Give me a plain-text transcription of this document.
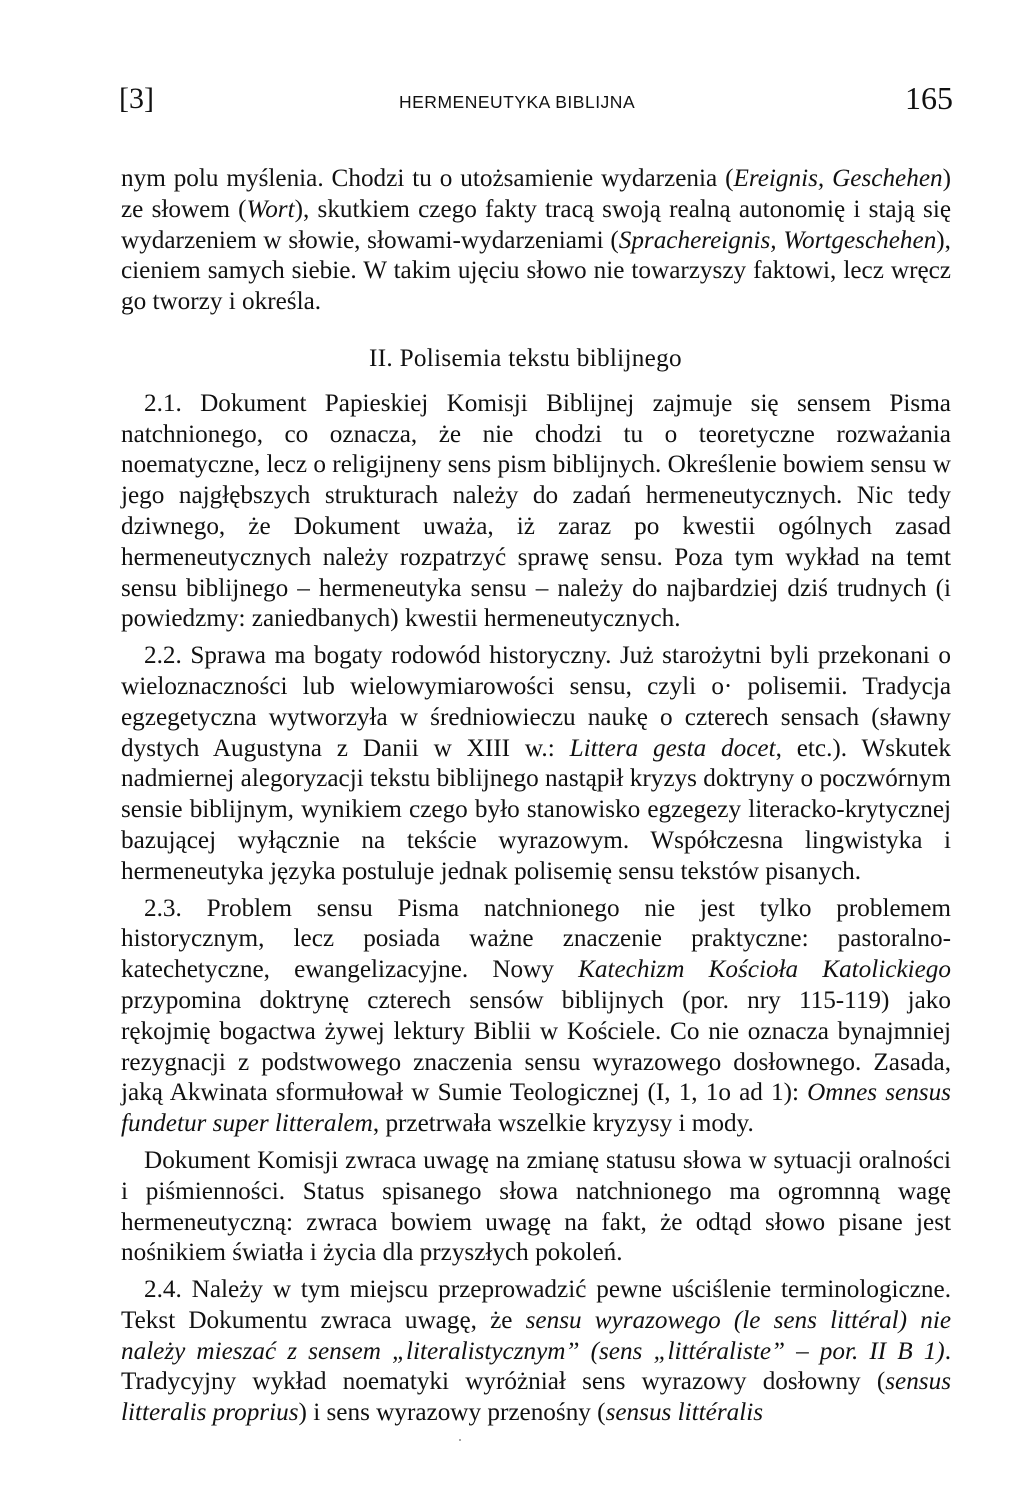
[3]	HERMENEUTYKA BIBLIJNA	165

nym polu myślenia. Chodzi tu o utożsamienie wydarzenia (Ereignis, Geschehen) ze słowem (Wort), skutkiem czego fakty tracą swoją realną autonomię i stają się wydarzeniem w słowie, słowami-wydarzeniami (Sprachereignis, Wortgeschehen), cieniem samych siebie. W takim ujęciu słowo nie towarzyszy faktowi, lecz wręcz go tworzy i określa.

II. Polisemia tekstu biblijnego

2.1. Dokument Papieskiej Komisji Biblijnej zajmuje się sensem Pisma natchnionego, co oznacza, że nie chodzi tu o teoretyczne rozważania noematyczne, lecz o religijneny sens pism biblijnych. Określenie bowiem sensu w jego najgłębszych strukturach należy do zadań hermeneutycznych. Nic tedy dziwnego, że Dokument uważa, iż zaraz po kwestii ogólnych zasad hermeneutycznych należy rozpatrzyć sprawę sensu. Poza tym wykład na temt sensu biblijnego – hermeneutyka sensu – należy do najbardziej dziś trudnych (i powiedzmy: zaniedbanych) kwestii hermeneutycznych.

2.2. Sprawa ma bogaty rodowód historyczny. Już starożytni byli przekonani o wieloznaczności lub wielowymiarowości sensu, czyli o· polisemii. Tradycja egzegetyczna wytworzyła w średniowieczu naukę o czterech sensach (sławny dystych Augustyna z Danii w XIII w.: Littera gesta docet, etc.). Wskutek nadmiernej alegoryzacji tekstu biblijnego nastąpił kryzys doktryny o poczwórnym sensie biblijnym, wynikiem czego było stanowisko egzegezy literacko-krytycznej bazującej wyłącznie na tekście wyrazowym. Współczesna lingwistyka i hermeneutyka języka postuluje jednak polisemię sensu tekstów pisanych.

2.3. Problem sensu Pisma natchnionego nie jest tylko problemem historycznym, lecz posiada ważne znaczenie praktyczne: pastoralno-katechetyczne, ewangelizacyjne. Nowy Katechizm Kościoła Katolickiego przypomina doktrynę czterech sensów biblijnych (por. nry 115-119) jako rękojmię bogactwa żywej lektury Biblii w Kościele. Co nie oznacza bynajmniej rezygnacji z podstwowego znaczenia sensu wyrazowego dosłownego. Zasada, jaką Akwinata sformułował w Sumie Teologicznej (I, 1, 1o ad 1): Omnes sensus fundetur super litteralem, przetrwała wszelkie kryzysy i mody.

Dokument Komisji zwraca uwagę na zmianę statusu słowa w sytuacji oralności i piśmienności. Status spisanego słowa natchnionego ma ogromnną wagę hermeneutyczną: zwraca bowiem uwagę na fakt, że odtąd słowo pisane jest nośnikiem światła i życia dla przyszłych pokoleń.

2.4. Należy w tym miejscu przeprowadzić pewne uściślenie terminologiczne. Tekst Dokumentu zwraca uwagę, że sensu wyrazowego (le sens littéral) nie należy mieszać z sensem „literalistycznym” (sens „littéraliste” – por. II B 1). Tradycyjny wykład noematyki wyróżniał sens wyrazowy dosłowny (sensus litteralis proprius) i sens wyrazowy przenośny (sensus littéralis
